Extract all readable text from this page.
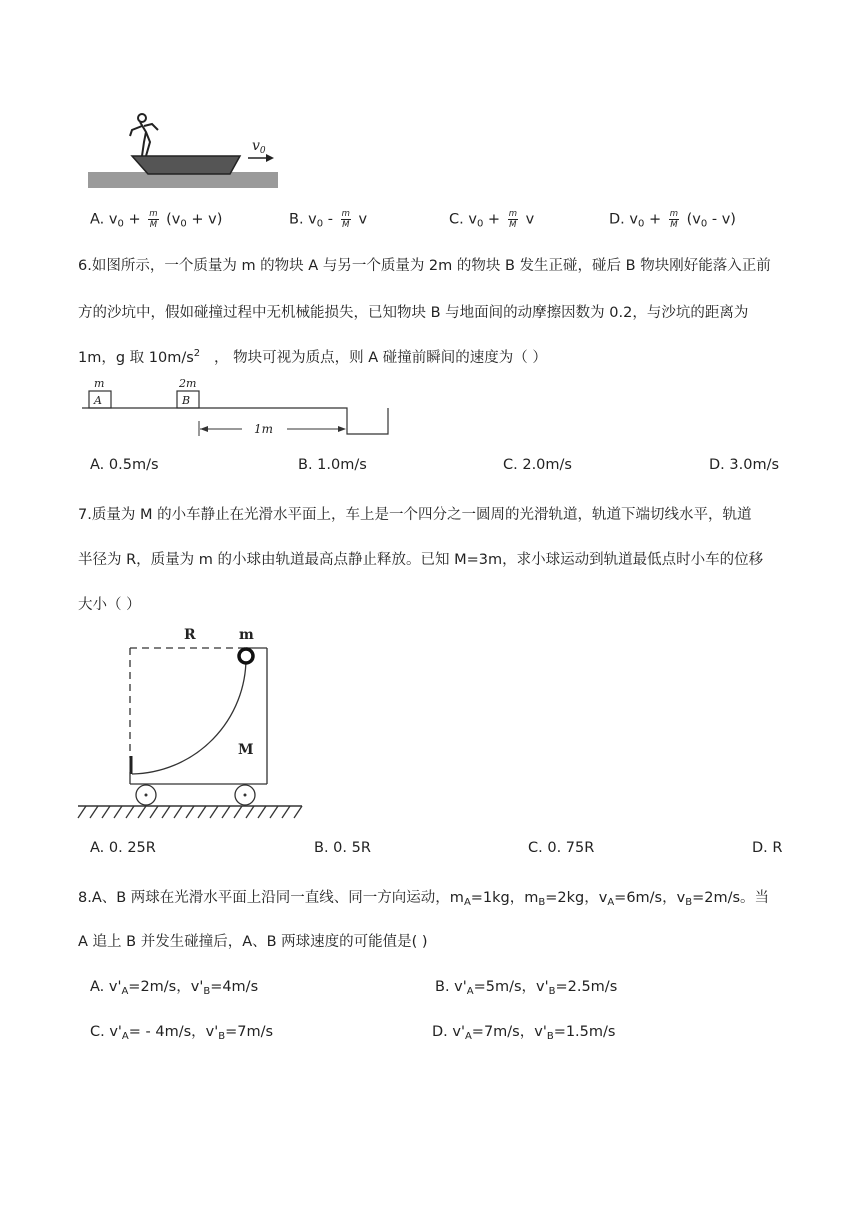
$v_0$
A. $v_0 + \frac{m}{M} (v_0 + v)$	B. $v_0 - \frac{m}{M}$ v	C. $v_0 + \frac{m}{M}$ v	D. $v_0 + \frac{m}{M} (v_0 - v)$
6.如图所示，一个质量为 m 的物块 A 与另一个质量为 2m 的物块 B 发生正碰，碰后 B 物块刚好能落入正前
方的沙坑中，假如碰撞过程中无机械能损失，已知物块 B 与地面间的动摩擦因数为 0.2，与沙坑的距离为
1m，g 取 $10m/s^2$ ， 物块可视为质点，则 A 碰撞前瞬间的速度为（ ）
A
m
B
2m
1m
A. 0.5m/s	B. 1.0m/s	C. 2.0m/s	D. 3.0m/s
7.质量为 M 的小车静止在光滑水平面上，车上是一个四分之一圆周的光滑轨道，轨道下端切线水平，轨道
半径为 R，质量为 m 的小球由轨道最高点静止释放。已知 M=3m，求小球运动到轨道最低点时小车的位移
大小（ ）
R	m
M
A. 0. 25R	B. 0. 5R	C. 0. 75R	D. R
8.A、B 两球在光滑水平面上沿同一直线、同一方向运动，$m_A=1kg$，$m_B=2kg$，$v_A=6m/s$，$v_B=2m/s$。当
A 追上 B 并发生碰撞后，A、B 两球速度的可能值是( )
A. $v'_A=2m/s$，$v'_B=4m/s$	B. $v'_A=5m/s$，$v'_B=2.5m/s$
C. $v'_A= - 4m/s$，$v'_B=7m/s$	D. $v'_A=7m/s$，$v'_B=1.5m/s$
